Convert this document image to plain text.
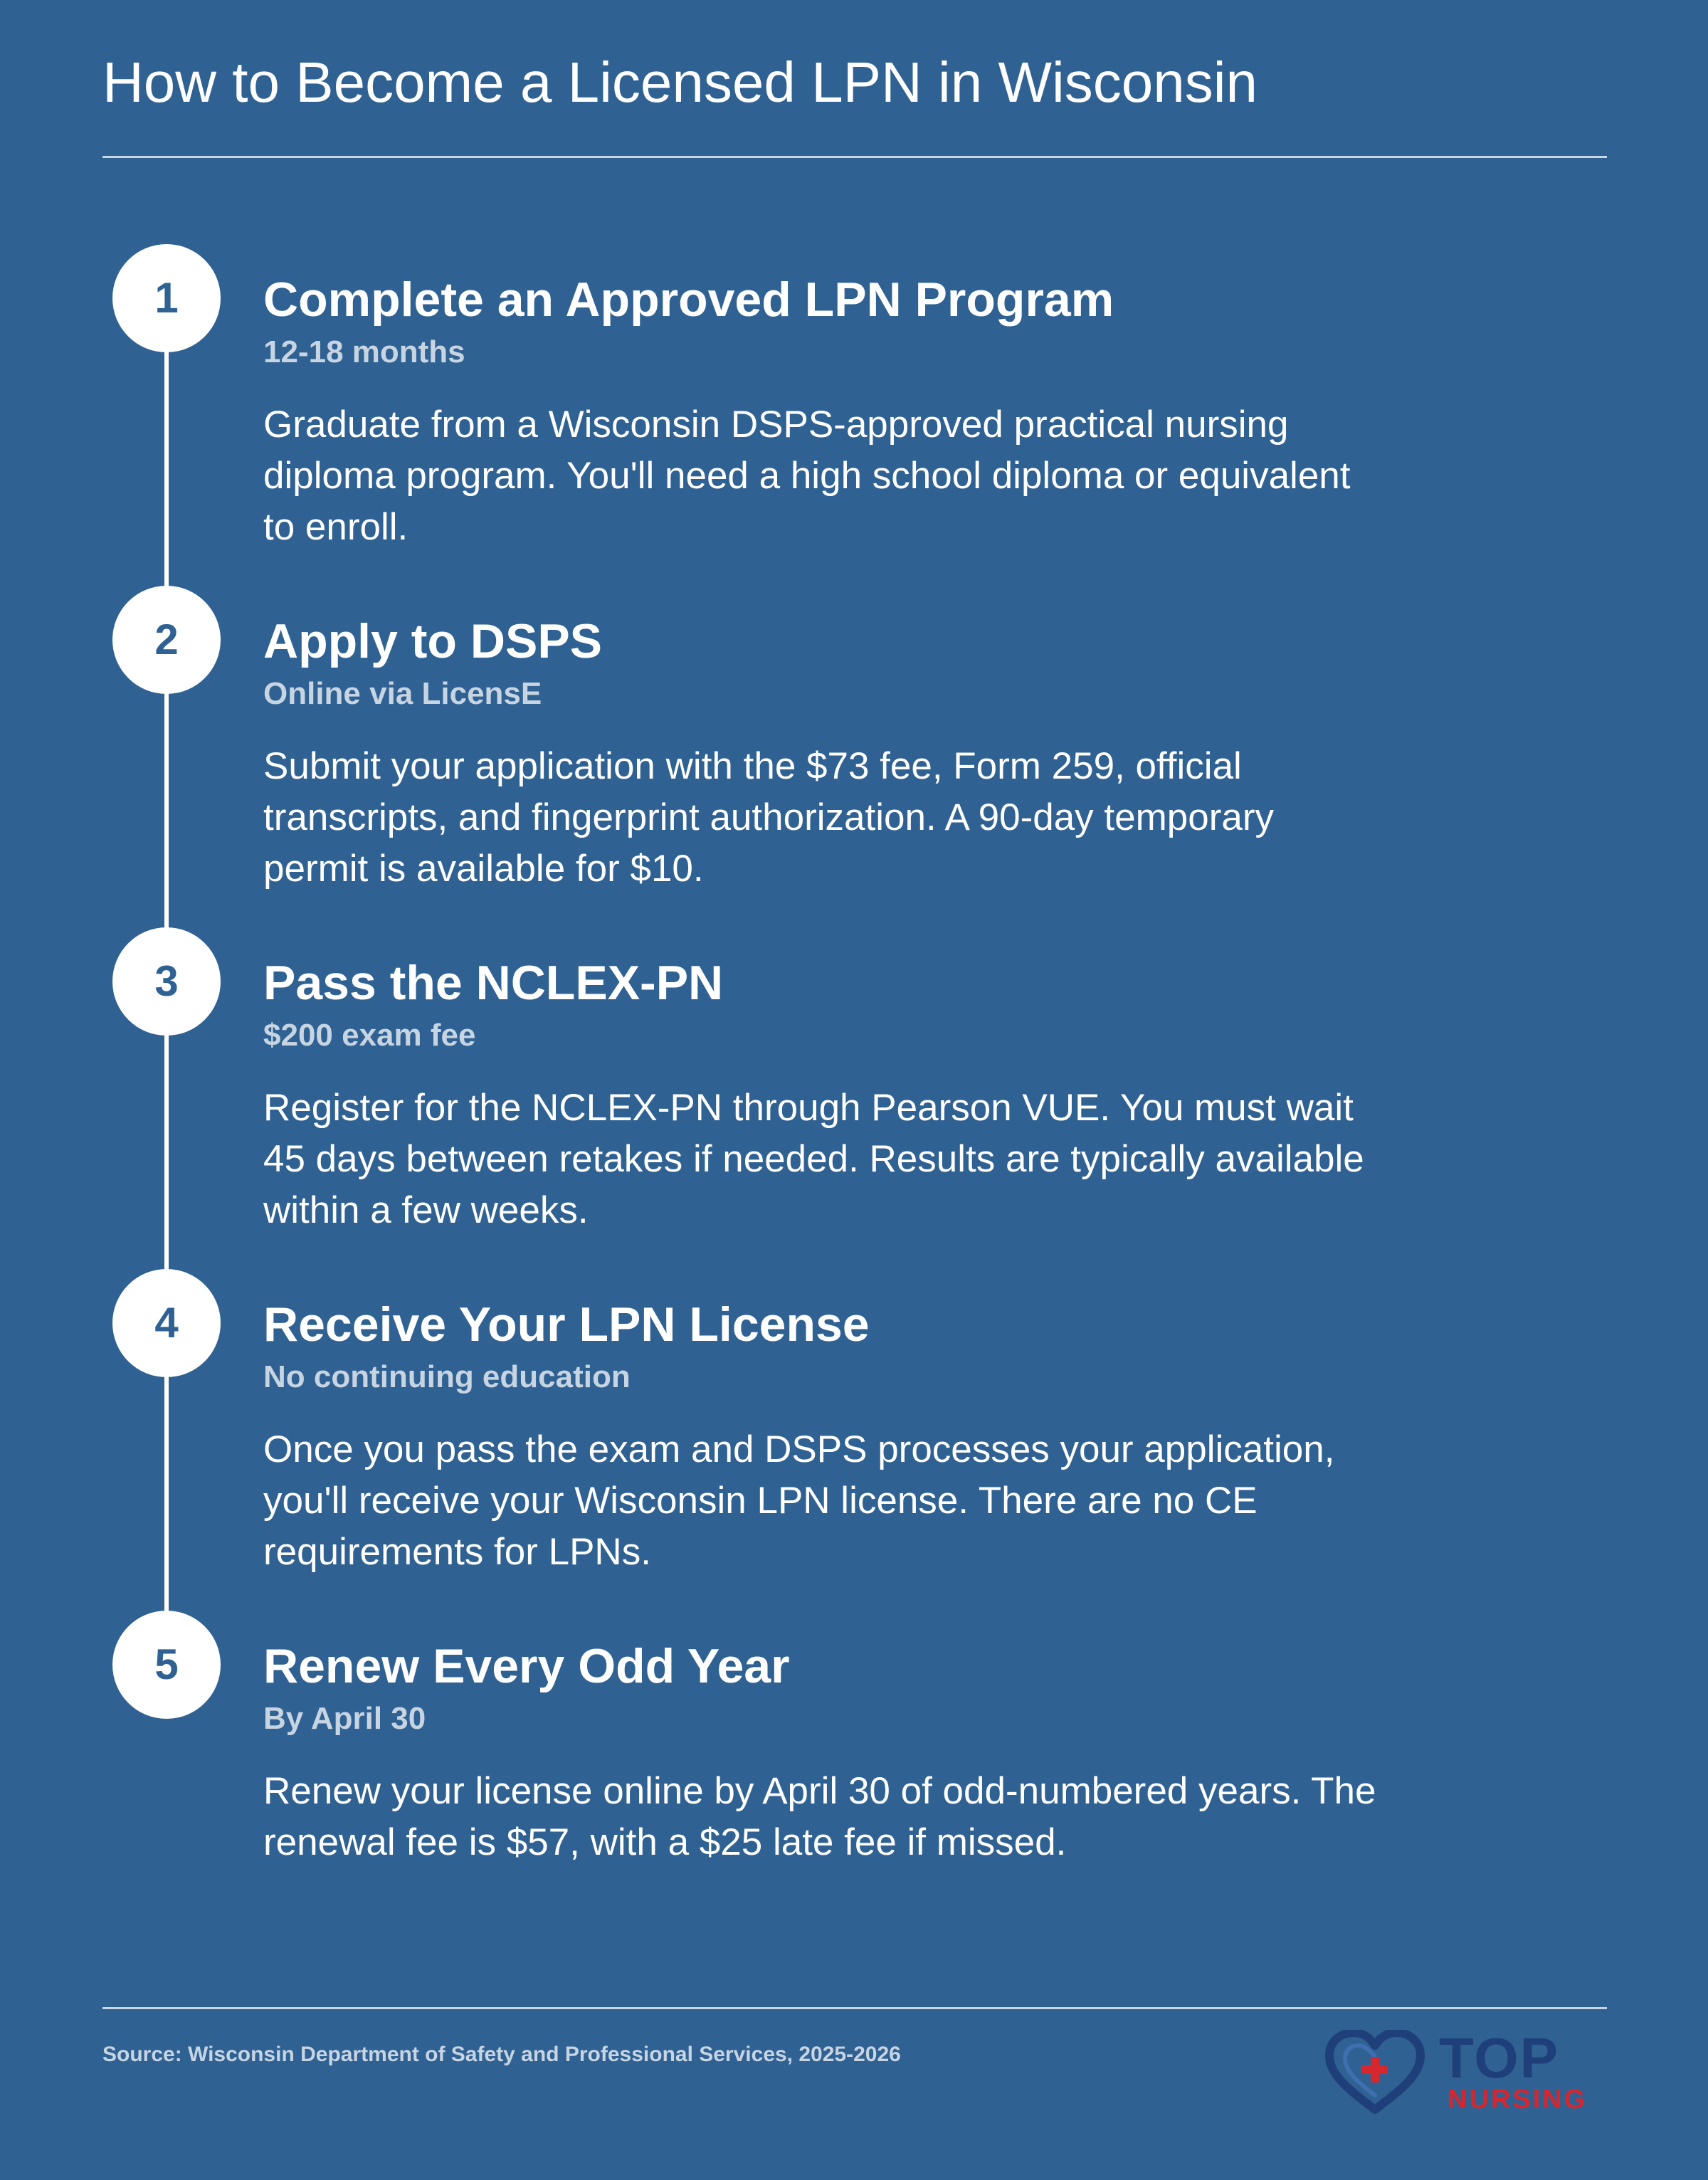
How to Become a Licensed LPN in Wisconsin
1	Complete an Approved LPN Program
12-18 months
Graduate from a Wisconsin DSPS-approved practical nursing diploma program. You'll need a high school diploma or equivalent to enroll.
2	Apply to DSPS
Online via LicensE
Submit your application with the $73 fee, Form 259, official transcripts, and fingerprint authorization. A 90-day temporary permit is available for $10.
3	Pass the NCLEX-PN
$200 exam fee
Register for the NCLEX-PN through Pearson VUE. You must wait 45 days between retakes if needed. Results are typically available within a few weeks.
4	Receive Your LPN License
No continuing education
Once you pass the exam and DSPS processes your application, you'll receive your Wisconsin LPN license. There are no CE requirements for LPNs.
5	Renew Every Odd Year
By April 30
Renew your license online by April 30 of odd-numbered years. The renewal fee is $57, with a $25 late fee if missed.
Source: Wisconsin Department of Safety and Professional Services, 2025-2026	TOP
NURSING
